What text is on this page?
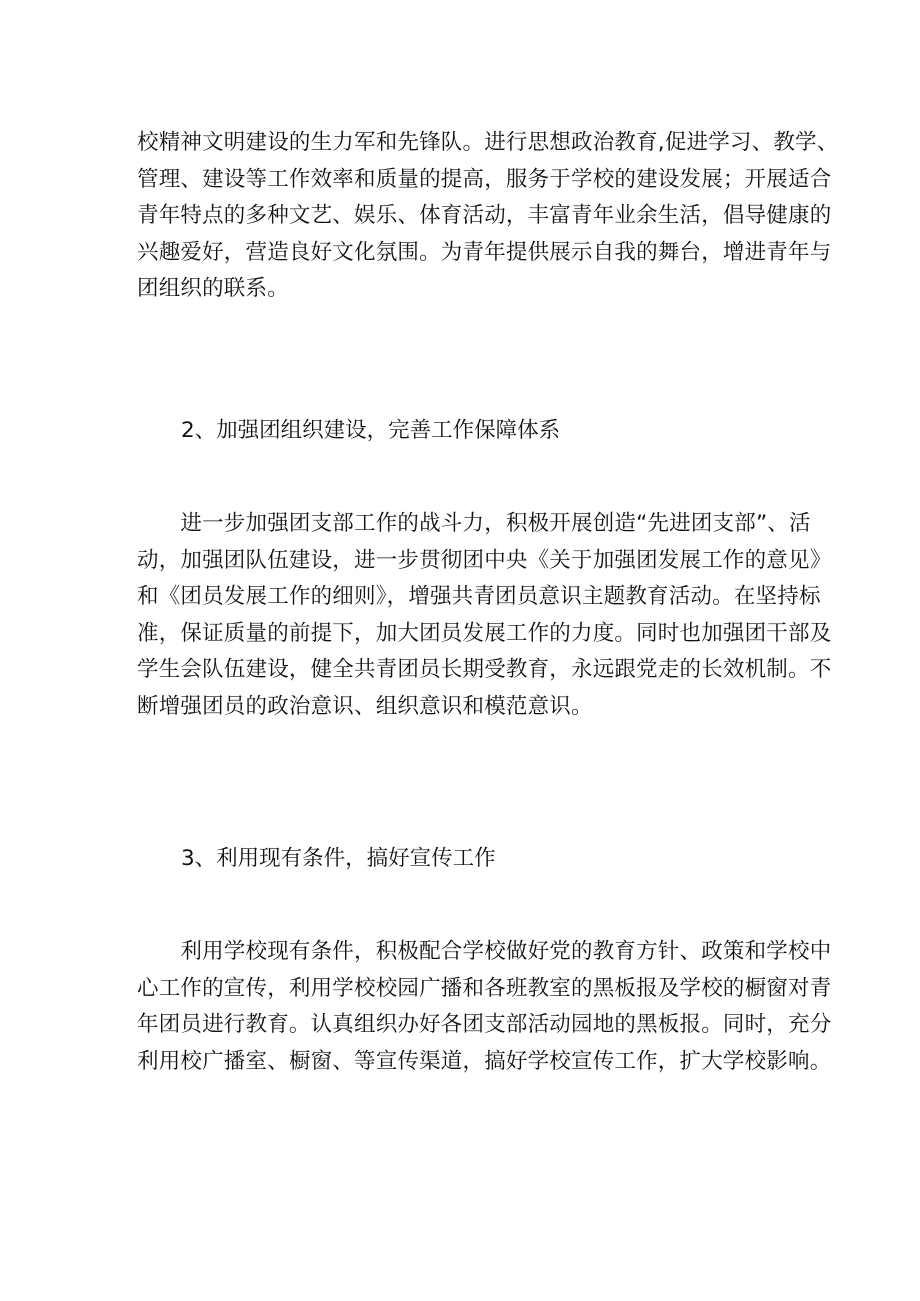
校精神文明建设的生力军和先锋队。进行思想政治教育,促进学习、教学、
管理、建设等工作效率和质量的提高，服务于学校的建设发展；开展适合
青年特点的多种文艺、娱乐、体育活动，丰富青年业余生活，倡导健康的
兴趣爱好，营造良好文化氛围。为青年提供展示自我的舞台，增进青年与
团组织的联系。
2、加强团组织建设，完善工作保障体系
　　进一步加强团支部工作的战斗力，积极开展创造“先进团支部”、活
动，加强团队伍建设，进一步贯彻团中央《关于加强团发展工作的意见》
和《团员发展工作的细则》，增强共青团员意识主题教育活动。在坚持标
准，保证质量的前提下，加大团员发展工作的力度。同时也加强团干部及
学生会队伍建设，健全共青团员长期受教育，永远跟党走的长效机制。不
断增强团员的政治意识、组织意识和模范意识。
3、利用现有条件，搞好宣传工作
　　利用学校现有条件，积极配合学校做好党的教育方针、政策和学校中
心工作的宣传，利用学校校园广播和各班教室的黑板报及学校的橱窗对青
年团员进行教育。认真组织办好各团支部活动园地的黑板报。同时，充分
利用校广播室、橱窗、等宣传渠道，搞好学校宣传工作，扩大学校影响。
